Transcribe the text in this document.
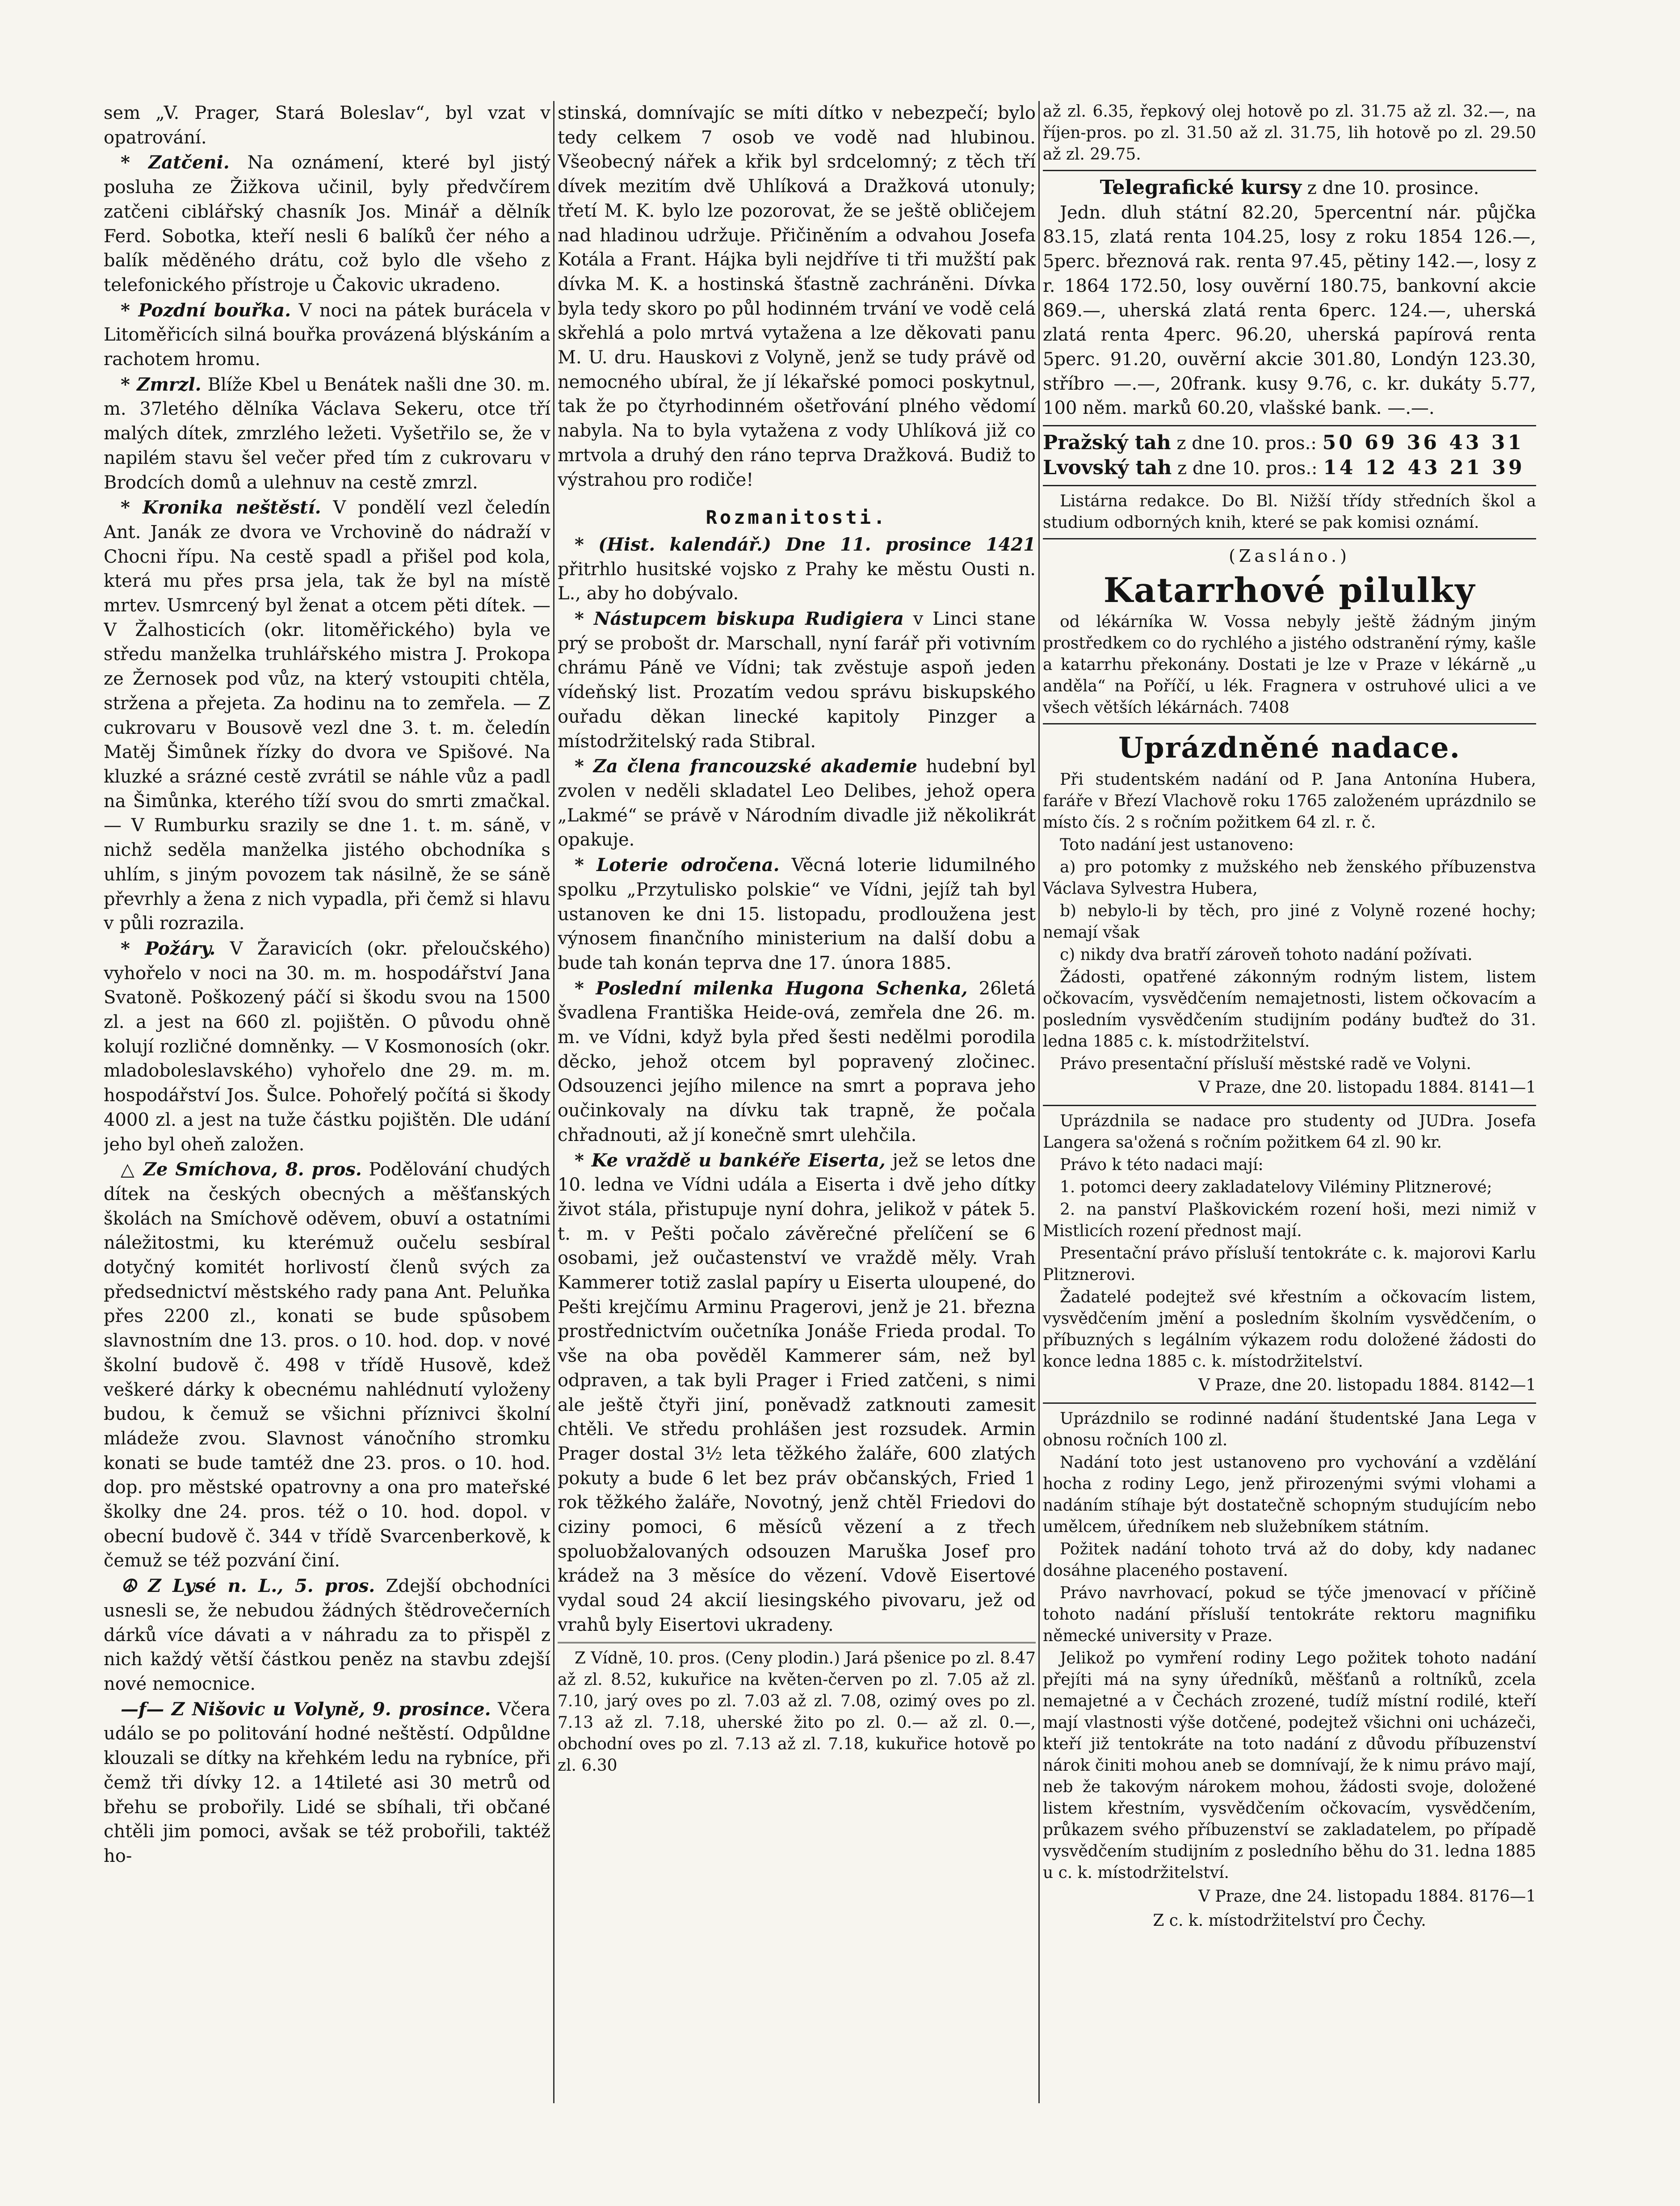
sem „V. Prager, Stará Boleslav“, byl vzat v opatrování.

* Zatčeni. Na oznámení, které byl jistý posluha ze Žižkova učinil, byly předvčírem zatčeni ciblářský chasník Jos. Minář a dělník Ferd. Sobotka, kteří nesli 6 balíků čer ného a balík měděného drátu, což bylo dle všeho z telefonického přístroje u Čakovic ukradeno.

* Pozdní bouřka. V noci na pátek burácela v Litoměřicích silná bouřka provázená blýskáním a rachotem hromu.

* Zmrzl. Blíže Kbel u Benátek našli dne 30. m. m. 37letého dělníka Václava Sekeru, otce tří malých dítek, zmrzlého ležeti. Vyšetřilo se, že v napilém stavu šel večer před tím z cukrovaru v Brodcích domů a ulehnuv na cestě zmrzl.

* Kronika neštěstí. V pondělí vezl čeledín Ant. Janák ze dvora ve Vrchovině do nádraží v Chocni řípu. Na cestě spadl a přišel pod kola, která mu přes prsa jela, tak že byl na místě mrtev. Usmrcený byl ženat a otcem pěti dítek. — V Žalhosticích (okr. litoměřického) byla ve středu manželka truhlářského mistra J. Prokopa ze Žernosek pod vůz, na který vstoupiti chtěla, stržena a přejeta. Za hodinu na to zemřela. — Z cukrovaru v Bousově vezl dne 3. t. m. čeledín Matěj Šimůnek řízky do dvora ve Spišové. Na kluzké a srázné cestě zvrátil se náhle vůz a padl na Šimůnka, kterého tíží svou do smrti zmačkal. — V Rumburku srazily se dne 1. t. m. sáně, v nichž seděla manželka jistého obchodníka s uhlím, s jiným povozem tak násilně, že se sáně převrhly a žena z nich vypadla, při čemž si hlavu v půli rozrazila.

* Požáry. V Žaravicích (okr. přeloučského) vyhořelo v noci na 30. m. m. hospodářství Jana Svatoně. Poškozený páčí si škodu svou na 1500 zl. a jest na 660 zl. pojištěn. O původu ohně kolují rozličné domněnky. — V Kosmonosích (okr. mladoboleslavského) vyhořelo dne 29. m. m. hospodářství Jos. Šulce. Pohořelý počítá si škody 4000 zl. a jest na tuže částku pojištěn. Dle udání jeho byl oheň založen.

△ Ze Smíchova, 8. pros. Podělování chudých dítek na českých obecných a měšťanských školách na Smíchově oděvem, obuví a ostatními náležitostmi, ku kterémuž oučelu sesbíral dotyčný komitét horlivostí členů svých za předsednictví městského rady pana Ant. Peluňka přes 2200 zl., konati se bude spůsobem slavnostním dne 13. pros. o 10. hod. dop. v nové školní budově č. 498 v třídě Husově, kdež veškeré dárky k obecnému nahlédnutí vyloženy budou, k čemuž se všichni příznivci školní mládeže zvou. Slavnost vánočního stromku konati se bude tamtéž dne 23. pros. o 10. hod. dop. pro městské opatrovny a ona pro mateřské školky dne 24. pros. též o 10. hod. dopol. v obecní budově č. 344 v třídě Svarcenberkově, k čemuž se též pozvání činí.

☮ Z Lysé n. L., 5. pros. Zdejší obchodníci usnesli se, že nebudou žádných štědrovečerních dárků více dávati a v náhradu za to přispěl z nich každý větší částkou peněz na stavbu zdejší nové nemocnice.

—f— Z Nišovic u Volyně, 9. prosince. Včera událo se po politování hodné neštěstí. Odpůldne klouzali se dítky na křehkém ledu na rybníce, při čemž tři dívky 12. a 14tileté asi 30 metrů od břehu se probořily. Lidé se sbíhali, tři občané chtěli jim pomoci, avšak se též probořili, taktéž ho-

stinská, domnívajíc se míti dítko v nebezpečí; bylo tedy celkem 7 osob ve vodě nad hlubinou. Všeobecný nářek a křik byl srdcelomný; z těch tří dívek mezitím dvě Uhlíková a Dražková utonuly; třetí M. K. bylo lze pozorovat, že se ještě obličejem nad hladinou udržuje. Přičiněním a odvahou Josefa Kotála a Frant. Hájka byli nejdříve ti tři mužští pak dívka M. K. a hostinská šťastně zachráněni. Dívka byla tedy skoro po půl hodinném trvání ve vodě celá skřehlá a polo mrtvá vytažena a lze děkovati panu M. U. dru. Hauskovi z Volyně, jenž se tudy právě od nemocného ubíral, že jí lékařské pomoci poskytnul, tak že po čtyrhodinném ošetřování plného vědomí nabyla. Na to byla vytažena z vody Uhlíková již co mrtvola a druhý den ráno teprva Dražková. Budiž to výstrahou pro rodiče!

Rozmanitosti.

* (Hist. kalendář.) Dne 11. prosince 1421 přitrhlo husitské vojsko z Prahy ke městu Ousti n. L., aby ho dobývalo.

* Nástupcem biskupa Rudigiera v Linci stane prý se probošt dr. Marschall, nyní farář při votivním chrámu Páně ve Vídni; tak zvěstuje aspoň jeden vídeňský list. Prozatím vedou správu biskupského ouřadu děkan linecké kapitoly Pinzger a místodržitelský rada Stibral.

* Za člena francouzské akademie hudební byl zvolen v neděli skladatel Leo Delibes, jehož opera „Lakmé“ se právě v Národním divadle již několikrát opakuje.

* Loterie odročena. Věcná loterie lidumilného spolku „Przytulisko polskie“ ve Vídni, jejíž tah byl ustanoven ke dni 15. listopadu, prodloužena jest výnosem finančního ministerium na další dobu a bude tah konán teprva dne 17. února 1885.

* Poslední milenka Hugona Schenka, 26letá švadlena Františka Heide-ová, zemřela dne 26. m. m. ve Vídni, když byla před šesti nedělmi porodila děcko, jehož otcem byl popravený zločinec. Odsouzenci jejího milence na smrt a poprava jeho oučinkovaly na dívku tak trapně, že počala chřadnouti, až jí konečně smrt ulehčila.

* Ke vraždě u bankéře Eiserta, jež se letos dne 10. ledna ve Vídni udála a Eiserta i dvě jeho dítky život stála, přistupuje nyní dohra, jelikož v pátek 5. t. m. v Pešti počalo závěrečné přelíčení se 6 osobami, jež oučastenství ve vraždě měly. Vrah Kammerer totiž zaslal papíry u Eiserta uloupené, do Pešti krejčímu Arminu Pragerovi, jenž je 21. března prostřednictvím oučetníka Jonáše Frieda prodal. To vše na oba pověděl Kammerer sám, než byl odpraven, a tak byli Prager i Fried zatčeni, s nimi ale ještě čtyři jiní, poněvadž zatknouti zamesit chtěli. Ve středu prohlášen jest rozsudek. Armin Prager dostal 3½ leta těžkého žaláře, 600 zlatých pokuty a bude 6 let bez práv občanských, Fried 1 rok těžkého žaláře, Novotný, jenž chtěl Friedovi do ciziny pomoci, 6 měsíců vězení a z třech spoluobžalovaných odsouzen Maruška Josef pro krádež na 3 měsíce do vězení. Vdově Eisertové vydal soud 24 akcií liesingského pivovaru, jež od vrahů byly Eisertovi ukradeny.

Z Vídně, 10. pros. (Ceny plodin.) Jará pšenice po zl. 8.47 až zl. 8.52, kukuřice na květen-červen po zl. 7.05 až zl. 7.10, jarý oves po zl. 7.03 až zl. 7.08, ozimý oves po zl. 7.13 až zl. 7.18, uherské žito po zl. 0.— až zl. 0.—, obchodní oves po zl. 7.13 až zl. 7.18, kukuřice hotově po zl. 6.30

až zl. 6.35, řepkový olej hotově po zl. 31.75 až zl. 32.—, na říjen-pros. po zl. 31.50 až zl. 31.75, lih hotově po zl. 29.50 až zl. 29.75.

Telegrafické kursy z dne 10. prosince.

Jedn. dluh státní 82.20, 5percentní nár. půjčka 83.15, zlatá renta 104.25, losy z roku 1854 126.—, 5perc. březnová rak. renta 97.45, pětiny 142.—, losy z r. 1864 172.50, losy ouvěrní 180.75, bankovní akcie 869.—, uherská zlatá renta 6perc. 124.—, uherská zlatá renta 4perc. 96.20, uherská papírová renta 5perc. 91.20, ouvěrní akcie 301.80, Londýn 123.30, stříbro —.—, 20frank. kusy 9.76, c. kr. dukáty 5.77, 100 něm. marků 60.20, vlašské bank. —.—.

Pražský tah z dne 10. pros.: 50 69 36 43 31
Lvovský tah z dne 10. pros.: 14 12 43 21 39

Listárna redakce. Do Bl. Nižší třídy středních škol a studium odborných knih, které se pak komisi oznámí.

(Zasláno.)
Katarrhové pilulky

od lékárníka W. Vossa nebyly ještě žádným jiným prostředkem co do rychlého a jistého odstranění rýmy, kašle a katarrhu překonány. Dostati je lze v Praze v lékárně „u anděla“ na Poříčí, u lék. Fragnera v ostruhové ulici a ve všech větších lékárnách. 7408

Uprázdněné nadace.

Při studentském nadání od P. Jana Antonína Hubera, faráře v Březí Vlachově roku 1765 založeném uprázdnilo se místo čís. 2 s ročním požitkem 64 zl. r. č.

Toto nadání jest ustanoveno:

a) pro potomky z mužského neb ženského příbuzenstva Václava Sylvestra Hubera,

b) nebylo-li by těch, pro jiné z Volyně rozené hochy; nemají však

c) nikdy dva bratří zároveň tohoto nadání požívati.

Žádosti, opatřené zákonným rodným listem, listem očkovacím, vysvědčením nemajetnosti, listem očkovacím a posledním vysvědčením studijním podány buďtež do 31. ledna 1885 c. k. místodržitelství.

Právo presentační přísluší městské radě ve Volyni.

V Praze, dne 20. listopadu 1884. 8141—1

Uprázdnila se nadace pro studenty od JUDra. Josefa Langera sa'ožená s ročním požitkem 64 zl. 90 kr.

Právo k této nadaci mají:

1. potomci deery zakladatelovy Viléminy Plitznerové;

2. na panství Plaškovickém rození hoši, mezi nimiž v Mistlicích rození přednost mají.

Presentační právo přísluší tentokráte c. k. majorovi Karlu Plitznerovi.

Žadatelé podejtež své křestním a očkovacím listem, vysvědčením jmění a posledním školním vysvědčením, o příbuzných s legálním výkazem rodu doložené žádosti do konce ledna 1885 c. k. místodržitelství.

V Praze, dne 20. listopadu 1884. 8142—1

Uprázdnilo se rodinné nadání študentské Jana Lega v obnosu ročních 100 zl.

Nadání toto jest ustanoveno pro vychování a vzdělání hocha z rodiny Lego, jenž přirozenými svými vlohami a nadáním stíhaje být dostatečně schopným studujícím nebo umělcem, úředníkem neb služebníkem státním.

Požitek nadání tohoto trvá až do doby, kdy nadanec dosáhne placeného postavení.

Právo navrhovací, pokud se týče jmenovací v příčině tohoto nadání přísluší tentokráte rektoru magnifiku německé university v Praze.

Jelikož po vymření rodiny Lego požitek tohoto nadání přejíti má na syny úředníků, měšťanů a roltníků, zcela nemajetné a v Čechách zrozené, tudíž místní rodilé, kteří mají vlastnosti výše dotčené, podejtež všichni oni ucházeči, kteří již tentokráte na toto nadání z důvodu příbuzenství nárok činiti mohou aneb se domnívají, že k nimu právo mají, neb že takovým nárokem mohou, žádosti svoje, doložené listem křestním, vysvědčením očkovacím, vysvědčením, průkazem svého příbuzenství se zakladatelem, po případě vysvědčením studijním z posledního běhu do 31. ledna 1885 u c. k. místodržitelství.

V Praze, dne 24. listopadu 1884. 8176—1
Z c. k. místodržitelství pro Čechy.
